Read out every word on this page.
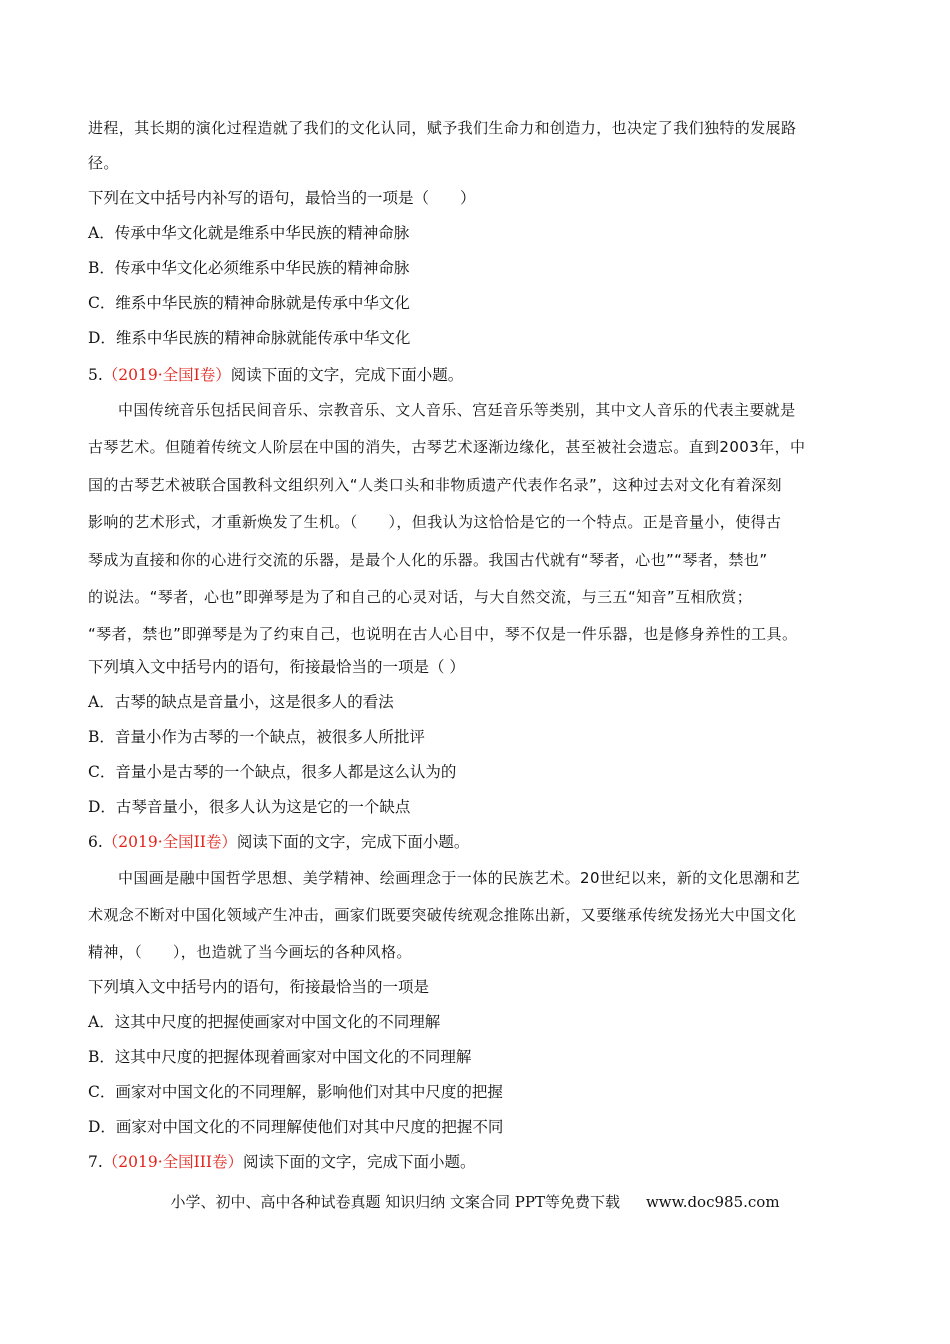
进程，其长期的演化过程造就了我们的文化认同，赋予我们生命力和创造力，也决定了我们独特的发展路
径。
下列在文中括号内补写的语句，最恰当的一项是（　　）
A．传承中华文化就是维系中华民族的精神命脉
B．传承中华文化必须维系中华民族的精神命脉
C．维系中华民族的精神命脉就是传承中华文化
D．维系中华民族的精神命脉就能传承中华文化
5.（2019·全国I卷）阅读下面的文字，完成下面小题。
中国传统音乐包括民间音乐、宗教音乐、文人音乐、宫廷音乐等类别，其中文人音乐的代表主要就是
古琴艺术。但随着传统文人阶层在中国的消失，古琴艺术逐渐边缘化，甚至被社会遗忘。直到2003年，中
国的古琴艺术被联合国教科文组织列入“人类口头和非物质遗产代表作名录”，这种过去对文化有着深刻
影响的艺术形式，才重新焕发了生机。（　　），但我认为这恰恰是它的一个特点。正是音量小，使得古
琴成为直接和你的心进行交流的乐器，是最个人化的乐器。我国古代就有“琴者，心也”“琴者，禁也”
的说法。“琴者，心也”即弹琴是为了和自己的心灵对话，与大自然交流，与三五“知音”互相欣赏；
“琴者，禁也”即弹琴是为了约束自己，也说明在古人心目中，琴不仅是一件乐器，也是修身养性的工具。
下列填入文中括号内的语句，衔接最恰当的一项是（ ）
A．古琴的缺点是音量小，这是很多人的看法
B．音量小作为古琴的一个缺点，被很多人所批评
C．音量小是古琴的一个缺点，很多人都是这么认为的
D．古琴音量小，很多人认为这是它的一个缺点
6.（2019·全国II卷）阅读下面的文字，完成下面小题。
中国画是融中国哲学思想、美学精神、绘画理念于一体的民族艺术。20世纪以来，新的文化思潮和艺
术观念不断对中国化领域产生冲击，画家们既要突破传统观念推陈出新，又要继承传统发扬光大中国文化
精神，（　　），也造就了当今画坛的各种风格。
下列填入文中括号内的语句，衔接最恰当的一项是
A．这其中尺度的把握使画家对中国文化的不同理解
B．这其中尺度的把握体现着画家对中国文化的不同理解
C．画家对中国文化的不同理解，影响他们对其中尺度的把握
D．画家对中国文化的不同理解使他们对其中尺度的把握不同
7.（2019·全国III卷）阅读下面的文字，完成下面小题。
小学、初中、高中各种试卷真题 知识归纳 文案合同 PPT等免费下载 www.doc985.com
